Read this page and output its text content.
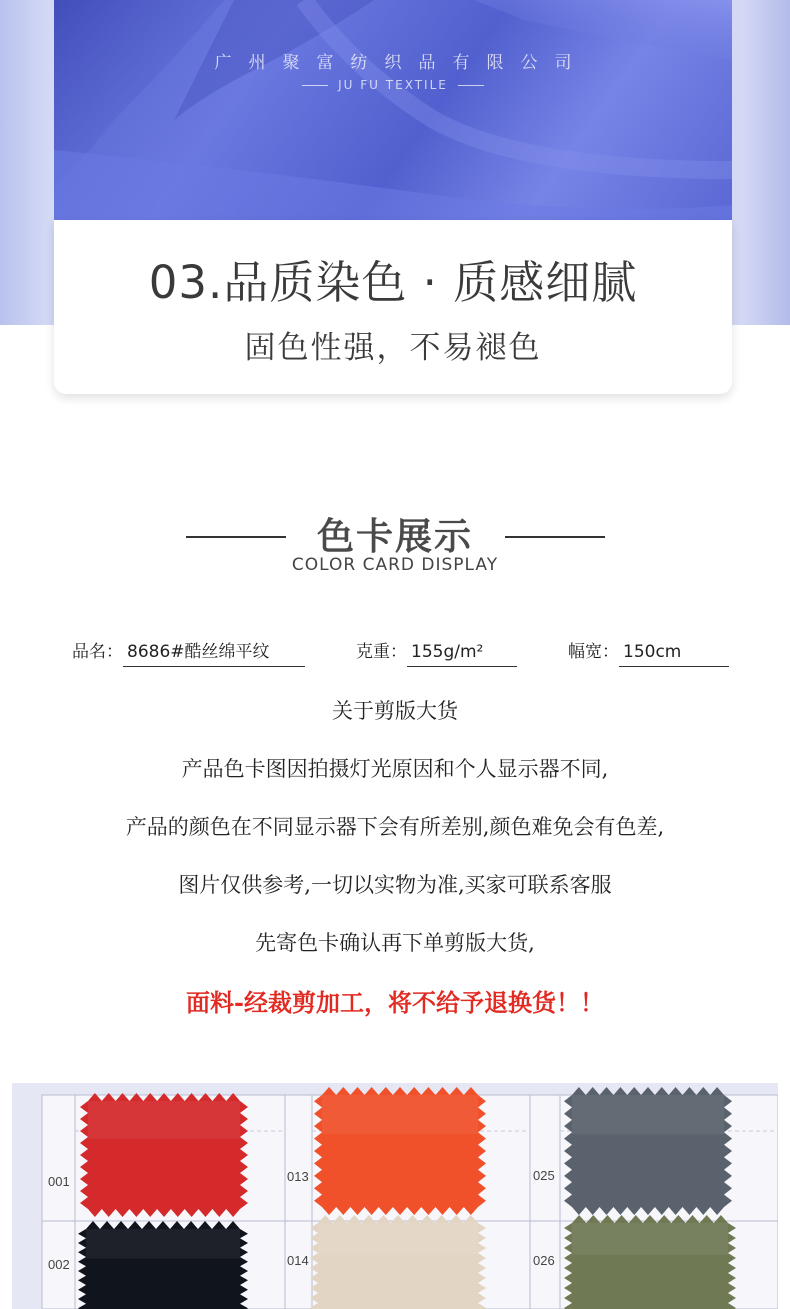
广州聚富纺织品有限公司
JU FU TEXTILE
03.品质染色 · 质感细腻
固色性强，不易褪色
色卡展示
COLOR CARD DISPLAY
品名： 8686#酷丝绵平纹	克重： 155g/m²	幅宽： 150cm
关于剪版大货
产品色卡图因拍摄灯光原因和个人显示器不同,
产品的颜色在不同显示器下会有所差别,颜色难免会有色差,
图片仅供参考,一切以实物为准,买家可联系客服
先寄色卡确认再下单剪版大货,
面料-经裁剪加工，将不给予退换货！！
001	013	025
002	014	026
